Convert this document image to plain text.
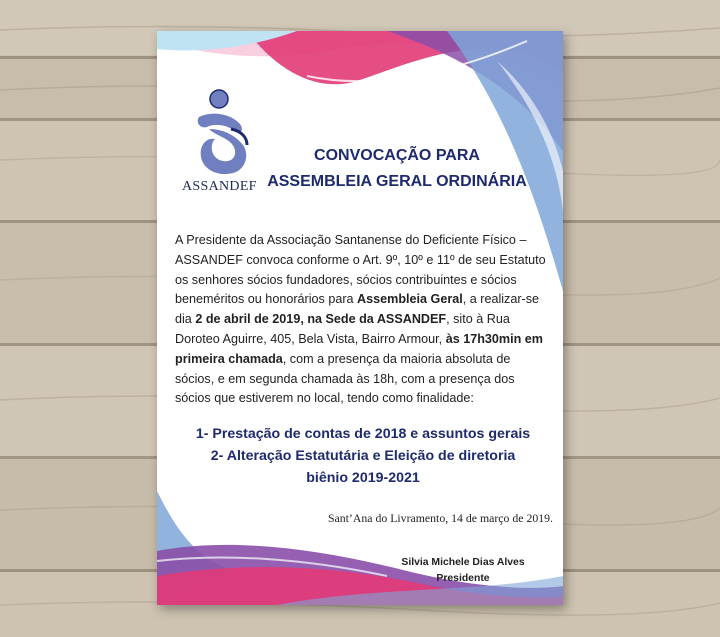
ASSANDEF
CONVOCAÇÃO PARA
ASSEMBLEIA GERAL ORDINÁRIA
A Presidente da Associação Santanense do Deficiente Físico – ASSANDEF convoca conforme o Art. 9º, 10º e 11º de seu Estatuto os senhores sócios fundadores, sócios contribuintes e sócios beneméritos ou honorários para Assembleia Geral, a realizar-se dia 2 de abril de 2019, na Sede da ASSANDEF, sito à Rua Doroteo Aguirre, 405, Bela Vista, Bairro Armour, às 17h30min em primeira chamada, com a presença da maioria absoluta de sócios, e em segunda chamada às 18h, com a presença dos sócios que estiverem no local, tendo como finalidade:
1- Prestação de contas de 2018 e assuntos gerais
2- Alteração Estatutária e Eleição de diretoria
biênio 2019-2021
Sant’Ana do Livramento, 14 de março de 2019.
Silvia Michele Dias Alves
Presidente
